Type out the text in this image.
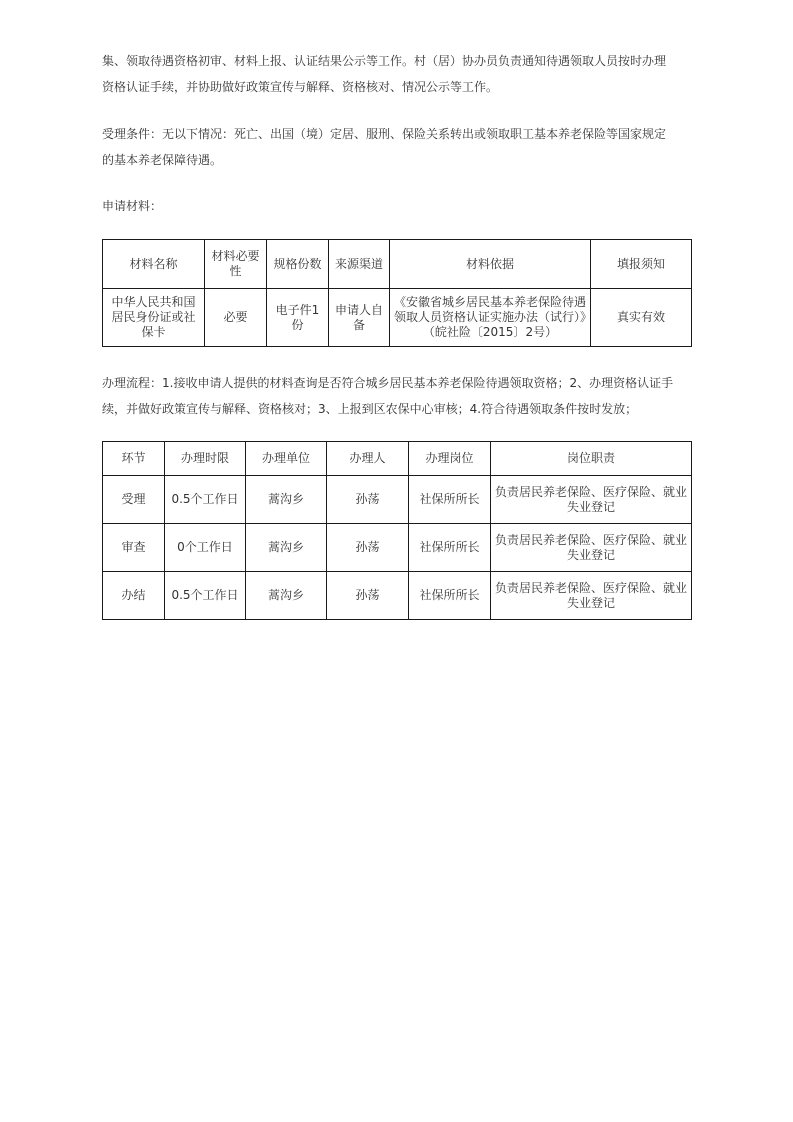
集、领取待遇资格初审、材料上报、认证结果公示等工作。村（居）协办员负责通知待遇领取人员按时办理
资格认证手续，并协助做好政策宣传与解释、资格核对、情况公示等工作。

受理条件：无以下情况：死亡、出国（境）定居、服刑、保险关系转出或领取职工基本养老保险等国家规定
的基本养老保障待遇。

申请材料：

材料名称	材料必要性	规格份数	来源渠道	材料依据	填报须知
中华人民共和国居民身份证或社保卡	必要	电子件1份	申请人自备	《安徽省城乡居民基本养老保险待遇领取人员资格认证实施办法（试行）》（皖社险〔2015〕2号）	真实有效

办理流程：1.接收申请人提供的材料查询是否符合城乡居民基本养老保险待遇领取资格；2、办理资格认证手
续，并做好政策宣传与解释、资格核对；3、上报到区农保中心审核；4.符合待遇领取条件按时发放；

环节	办理时限	办理单位	办理人	办理岗位	岗位职责
受理	0.5个工作日	蒿沟乡	孙荡	社保所所长	负责居民养老保险、医疗保险、就业失业登记
审查	0个工作日	蒿沟乡	孙荡	社保所所长	负责居民养老保险、医疗保险、就业失业登记
办结	0.5个工作日	蒿沟乡	孙荡	社保所所长	负责居民养老保险、医疗保险、就业失业登记
